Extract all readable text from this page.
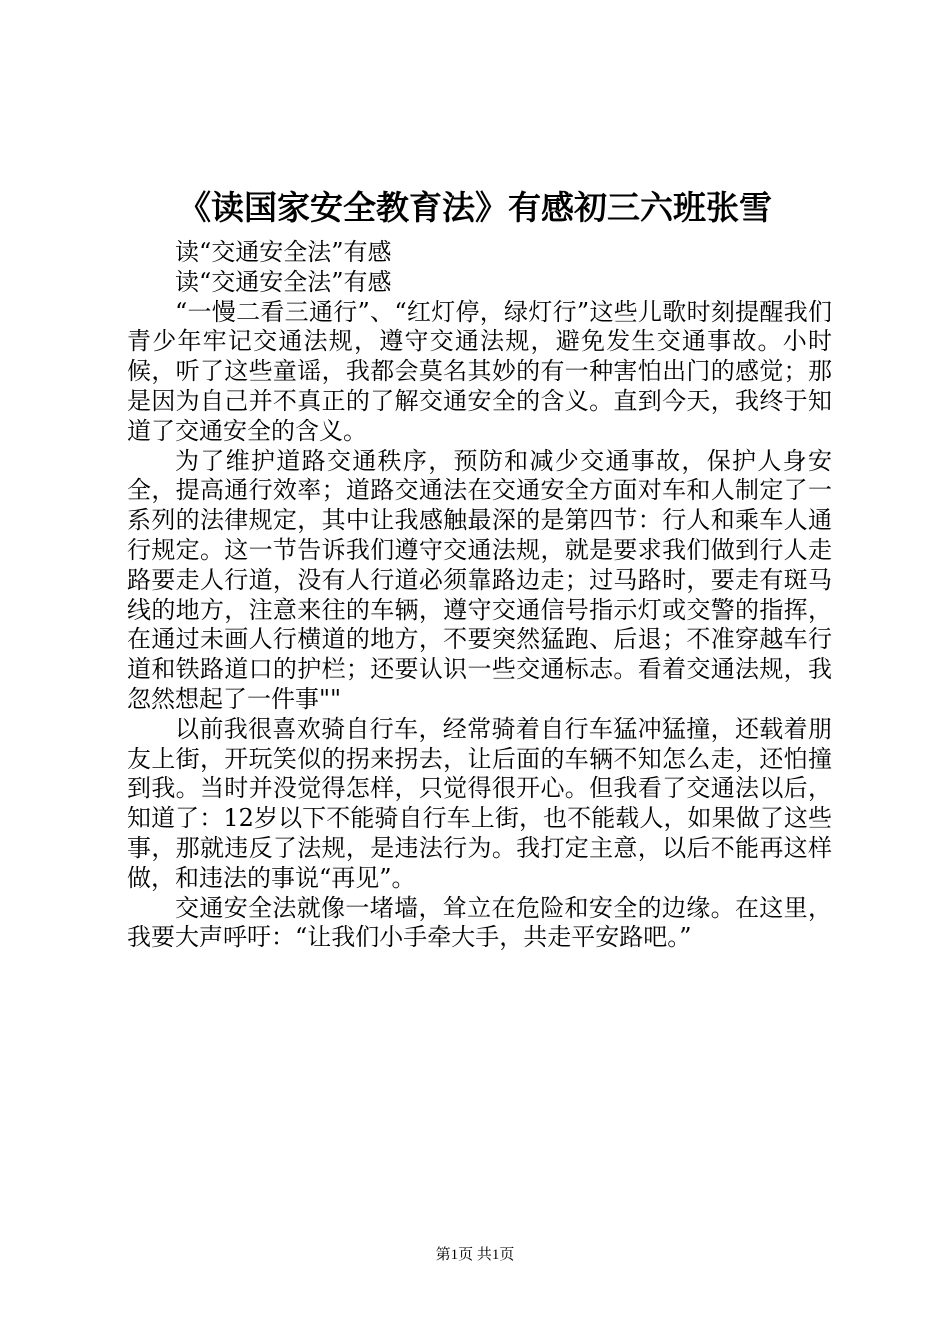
《读国家安全教育法》有感初三六班张雪

读“交通安全法”有感

读“交通安全法”有感

“一慢二看三通行”、“红灯停，绿灯行”这些儿歌时刻提醒我们青少年牢记交通法规，遵守交通法规，避免发生交通事故。小时候，听了这些童谣，我都会莫名其妙的有一种害怕出门的感觉；那是因为自己并不真正的了解交通安全的含义。直到今天，我终于知道了交通安全的含义。

为了维护道路交通秩序，预防和减少交通事故，保护人身安全，提高通行效率；道路交通法在交通安全方面对车和人制定了一系列的法律规定，其中让我感触最深的是第四节：行人和乘车人通行规定。这一节告诉我们遵守交通法规，就是要求我们做到行人走路要走人行道，没有人行道必须靠路边走；过马路时，要走有斑马线的地方，注意来往的车辆，遵守交通信号指示灯或交警的指挥，在通过未画人行横道的地方，不要突然猛跑、后退；不准穿越车行道和铁路道口的护栏；还要认识一些交通标志。看着交通法规，我忽然想起了一件事""

以前我很喜欢骑自行车，经常骑着自行车猛冲猛撞，还载着朋友上街，开玩笑似的拐来拐去，让后面的车辆不知怎么走，还怕撞到我。当时并没觉得怎样，只觉得很开心。但我看了交通法以后，知道了：12岁以下不能骑自行车上街，也不能载人，如果做了这些事，那就违反了法规，是违法行为。我打定主意，以后不能再这样做，和违法的事说“再见”。

交通安全法就像一堵墙，耸立在危险和安全的边缘。在这里，我要大声呼吁：“让我们小手牵大手，共走平安路吧。”

第1页 共1页
